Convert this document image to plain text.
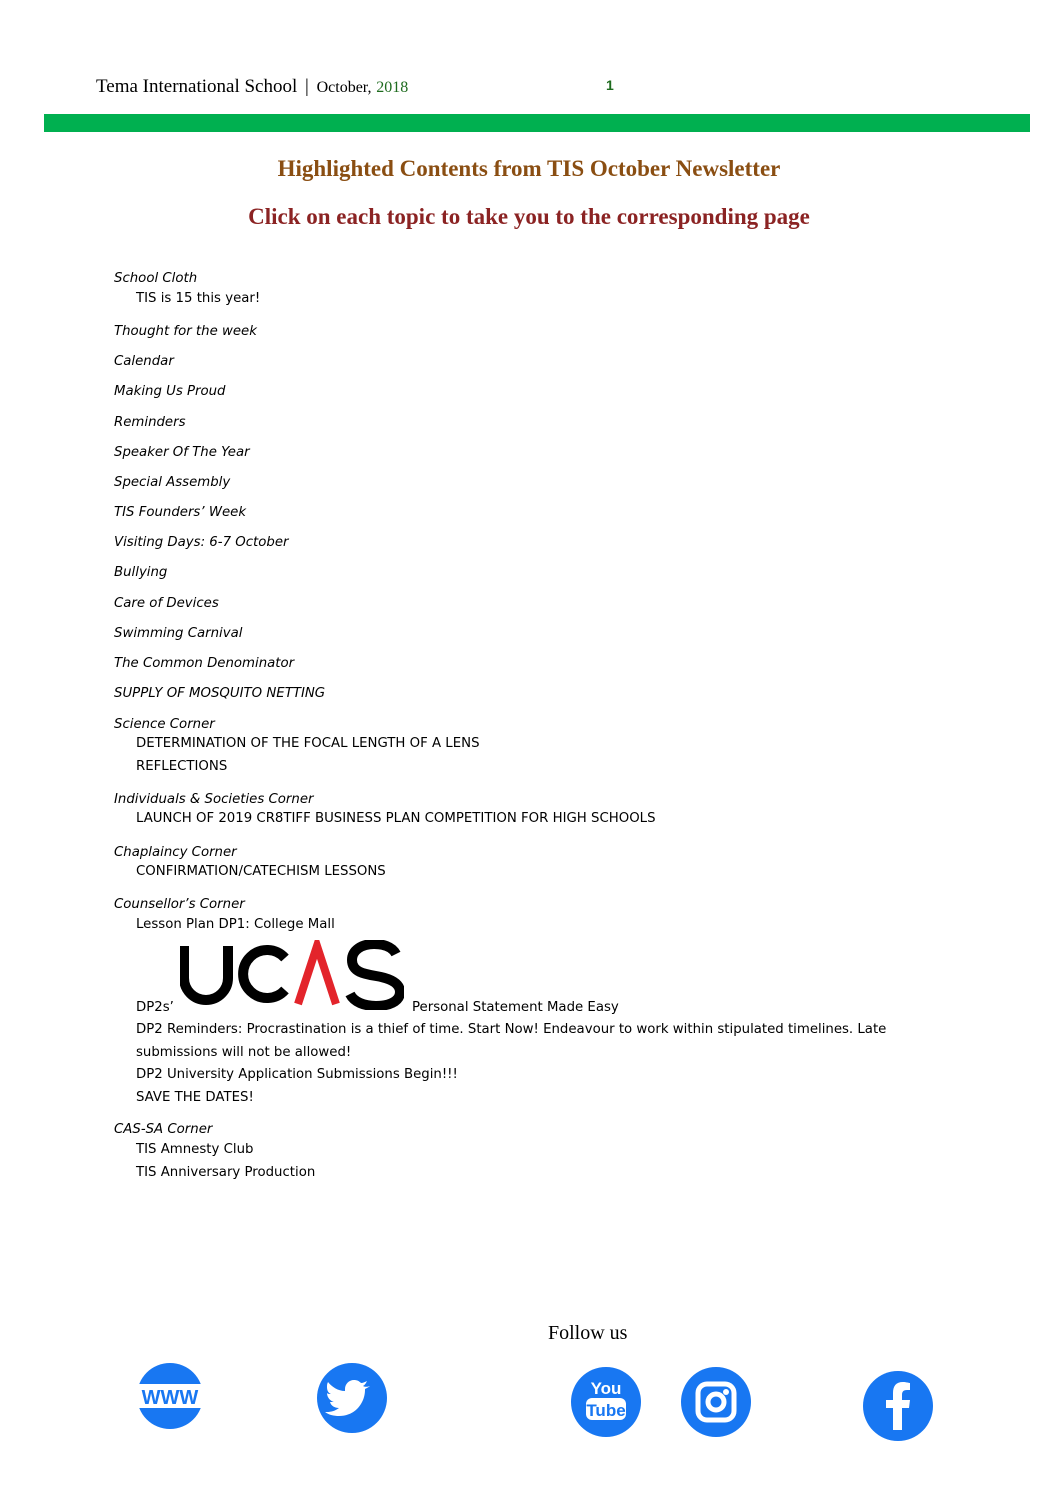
Tema International School | October, 2018	1
Highlighted Contents from TIS October Newsletter
Click on each topic to take you to the corresponding page
School Cloth
TIS is 15 this year!
Thought for the week
Calendar
Making Us Proud
Reminders
Speaker Of The Year
Special Assembly
TIS Founders’ Week
Visiting Days: 6-7 October
Bullying
Care of Devices
Swimming Carnival
The Common Denominator
SUPPLY OF MOSQUITO NETTING
Science Corner
DETERMINATION OF THE FOCAL LENGTH OF A LENS
REFLECTIONS
Individuals & Societies Corner
LAUNCH OF 2019 CR8TIFF BUSINESS PLAN COMPETITION FOR HIGH SCHOOLS
Chaplaincy Corner
CONFIRMATION/CATECHISM LESSONS
Counsellor’s Corner
Lesson Plan DP1: College Mall
DP2s’	Personal Statement Made Easy
DP2 Reminders: Procrastination is a thief of time. Start Now! Endeavour to work within stipulated timelines. Late
submissions will not be allowed!
DP2 University Application Submissions Begin!!!
SAVE THE DATES!
CAS-SA Corner
TIS Amnesty Club
TIS Anniversary Production
Follow us
WWW	You
Tube
